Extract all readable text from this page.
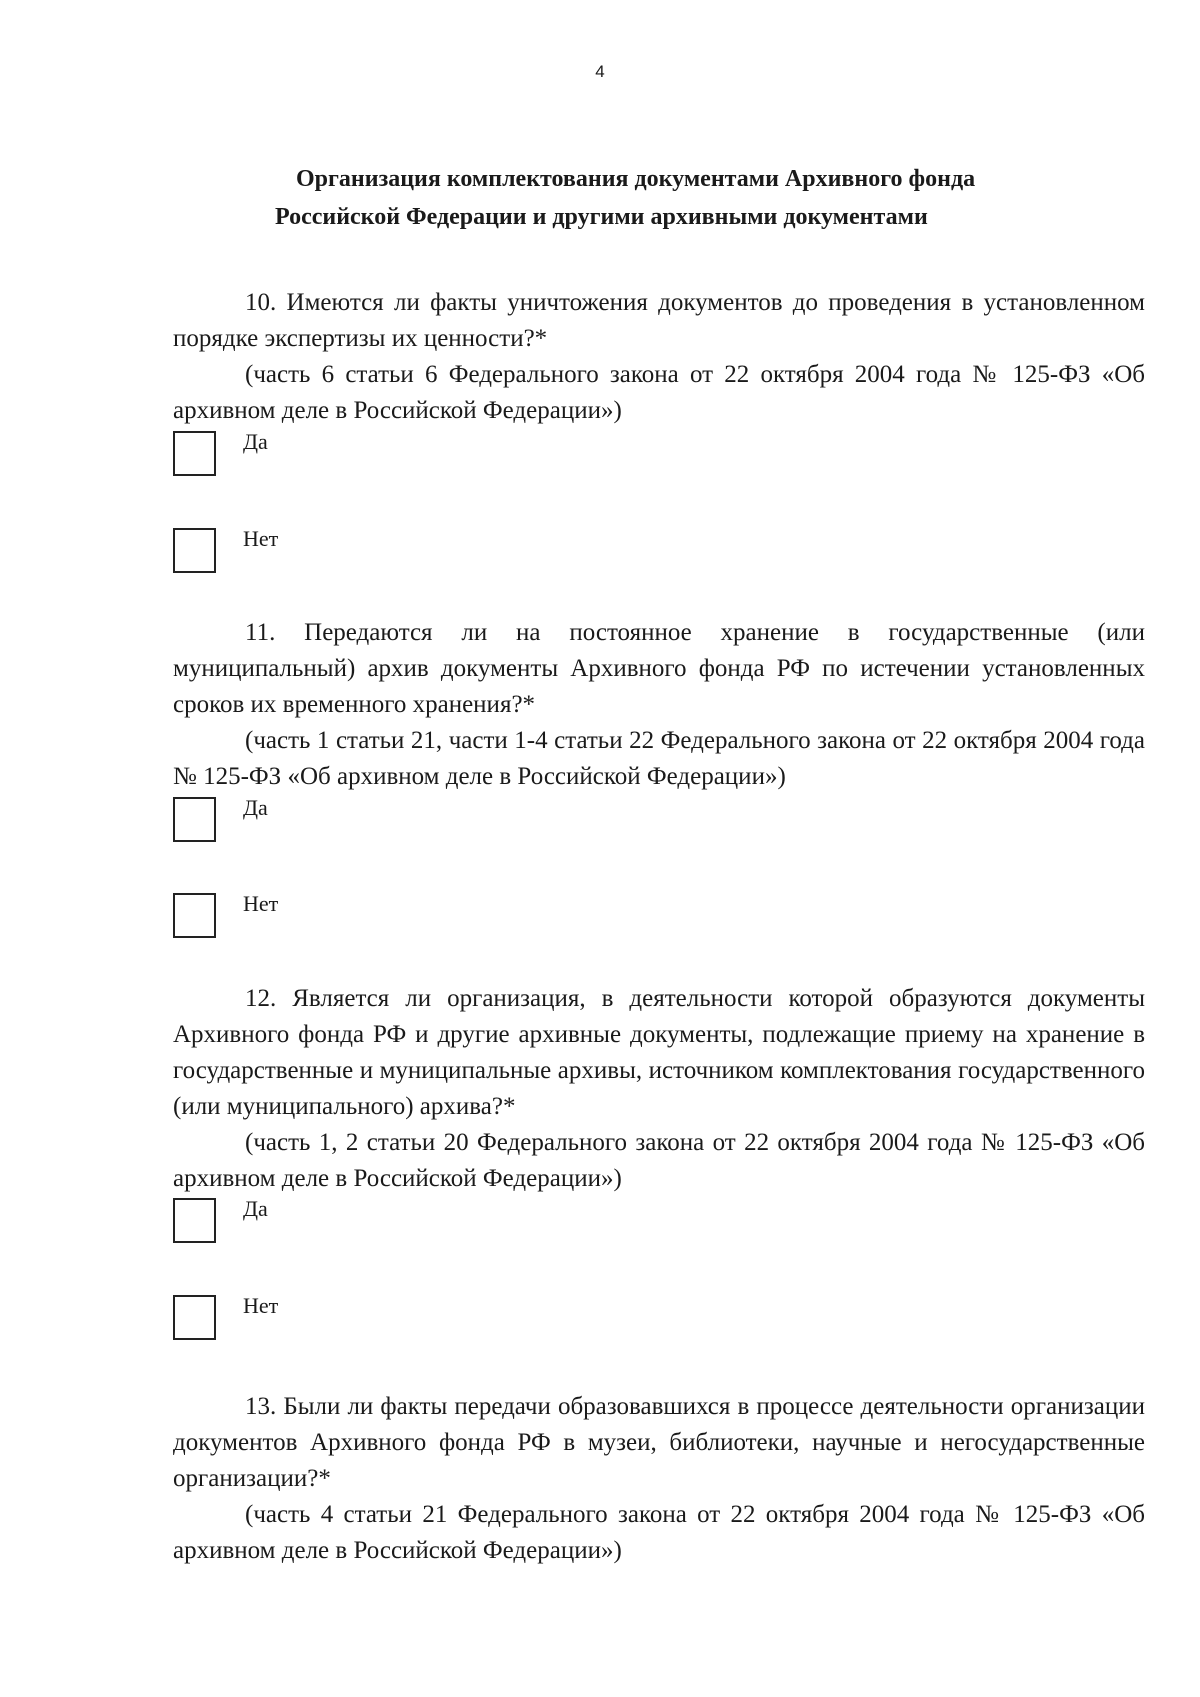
4
Организация комплектования документами Архивного фонда
Российской Федерации и другими архивными документами

10. Имеются ли факты уничтожения документов до проведения в установленном порядке экспертизы их ценности?*

(часть 6 статьи 6 Федерального закона от 22 октября 2004 года № 125-ФЗ «Об архивном деле в Российской Федерации»)

Да
Нет

11. Передаются ли на постоянное хранение в государственные (или муниципальный) архив документы Архивного фонда РФ по истечении установленных сроков их временного хранения?*

(часть 1 статьи 21, части 1-4 статьи 22 Федерального закона от 22 октября 2004 года № 125-ФЗ «Об архивном деле в Российской Федерации»)

Да
Нет

12. Является ли организация, в деятельности которой образуются документы Архивного фонда РФ и другие архивные документы, подлежащие приему на хранение в государственные и муниципальные архивы, источником комплектования государственного (или муниципального) архива?*

(часть 1, 2 статьи 20 Федерального закона от 22 октября 2004 года № 125-ФЗ «Об архивном деле в Российской Федерации»)

Да
Нет

13. Были ли факты передачи образовавшихся в процессе деятельности организации документов Архивного фонда РФ в музеи, библиотеки, научные и негосударственные организации?*

(часть 4 статьи 21 Федерального закона от 22 октября 2004 года № 125-ФЗ «Об архивном деле в Российской Федерации»)
